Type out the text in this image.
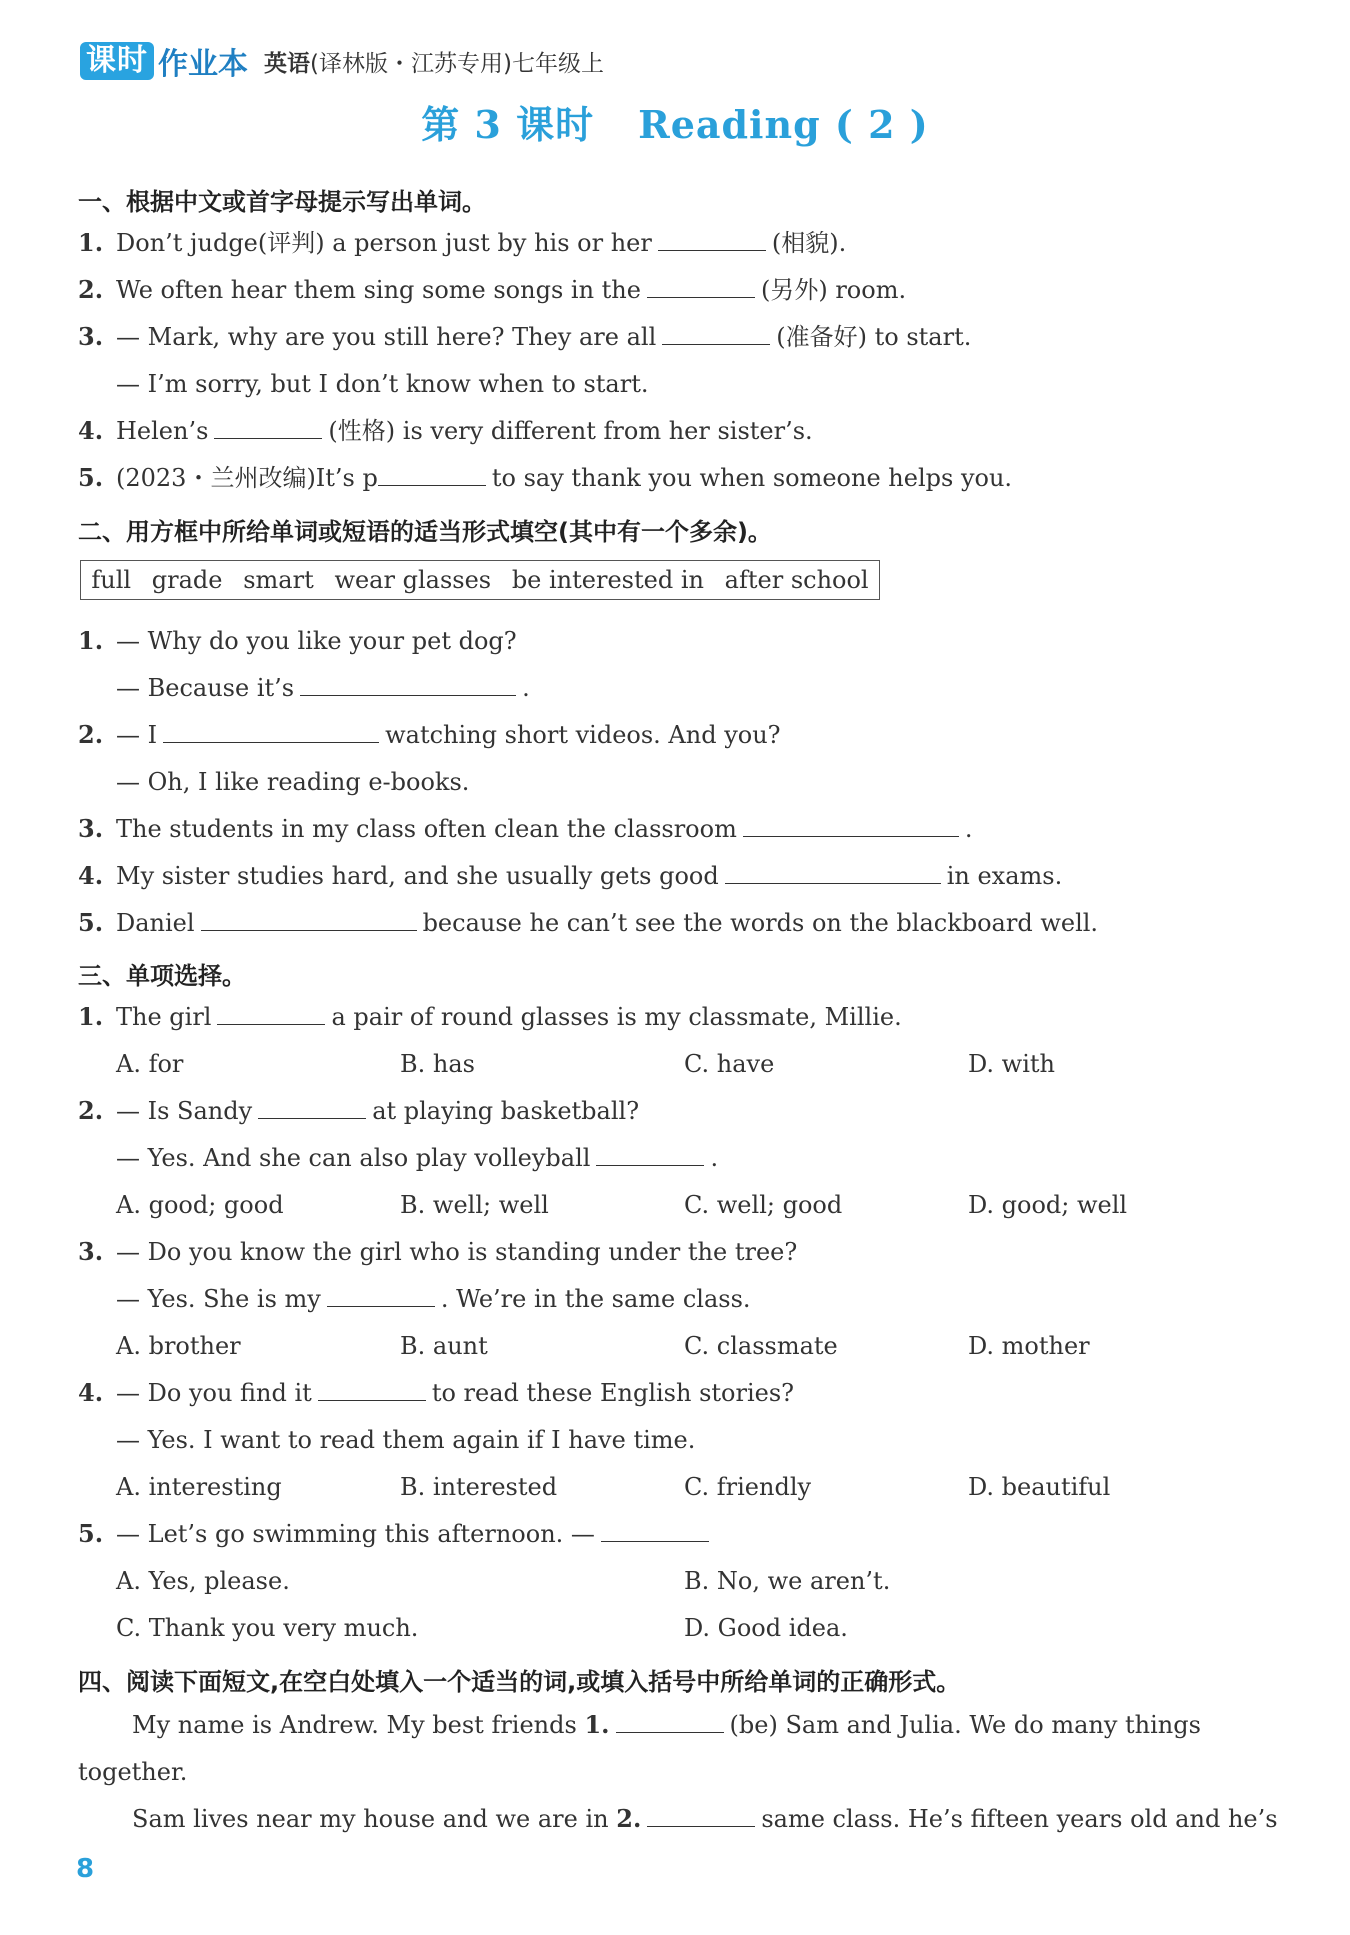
课时 作业本 英语(译林版・江苏专用)七年级上
第 3 课时 Reading ( 2 )
一、根据中文或首字母提示写出单词。
1. Don’t judge(评判) a person just by his or her	(相貌).
2. We often hear them sing some songs in the	(另外) room.
3. — Mark, why are you still here? They are all	(准备好) to start.
— I’m sorry, but I don’t know when to start.
4. Helen’s	(性格) is very different from her sister’s.
5. (2023・兰州改编)It’s p	to say thank you when someone helps you.
二、用方框中所给单词或短语的适当形式填空(其中有一个多余)。
full grade smart wear glasses be interested in after school
1. — Why do you like your pet dog?
— Because it’s	.
2. — I	watching short videos. And you?
— Oh, I like reading e-books.
3. The students in my class often clean the classroom	.
4. My sister studies hard, and she usually gets good	in exams.
5. Daniel	because he can’t see the words on the blackboard well.
三、单项选择。
1. The girl	a pair of round glasses is my classmate, Millie.
A. for	B. has	C. have	D. with
2. — Is Sandy	at playing basketball?
— Yes. And she can also play volleyball	.
A. good; good	B. well; well	C. well; good	D. good; well
3. — Do you know the girl who is standing under the tree?
— Yes. She is my	. We’re in the same class.
A. brother	B. aunt	C. classmate	D. mother
4. — Do you find it	to read these English stories?
— Yes. I want to read them again if I have time.
A. interesting	B. interested	C. friendly	D. beautiful
5. — Let’s go swimming this afternoon. —
A. Yes, please.	B. No, we aren’t.
C. Thank you very much.	D. Good idea.
四、阅读下面短文,在空白处填入一个适当的词,或填入括号中所给单词的正确形式。
My name is Andrew. My best friends 1.	(be) Sam and Julia. We do many things
together.
Sam lives near my house and we are in 2.	same class. He’s fifteen years old and he’s
8
